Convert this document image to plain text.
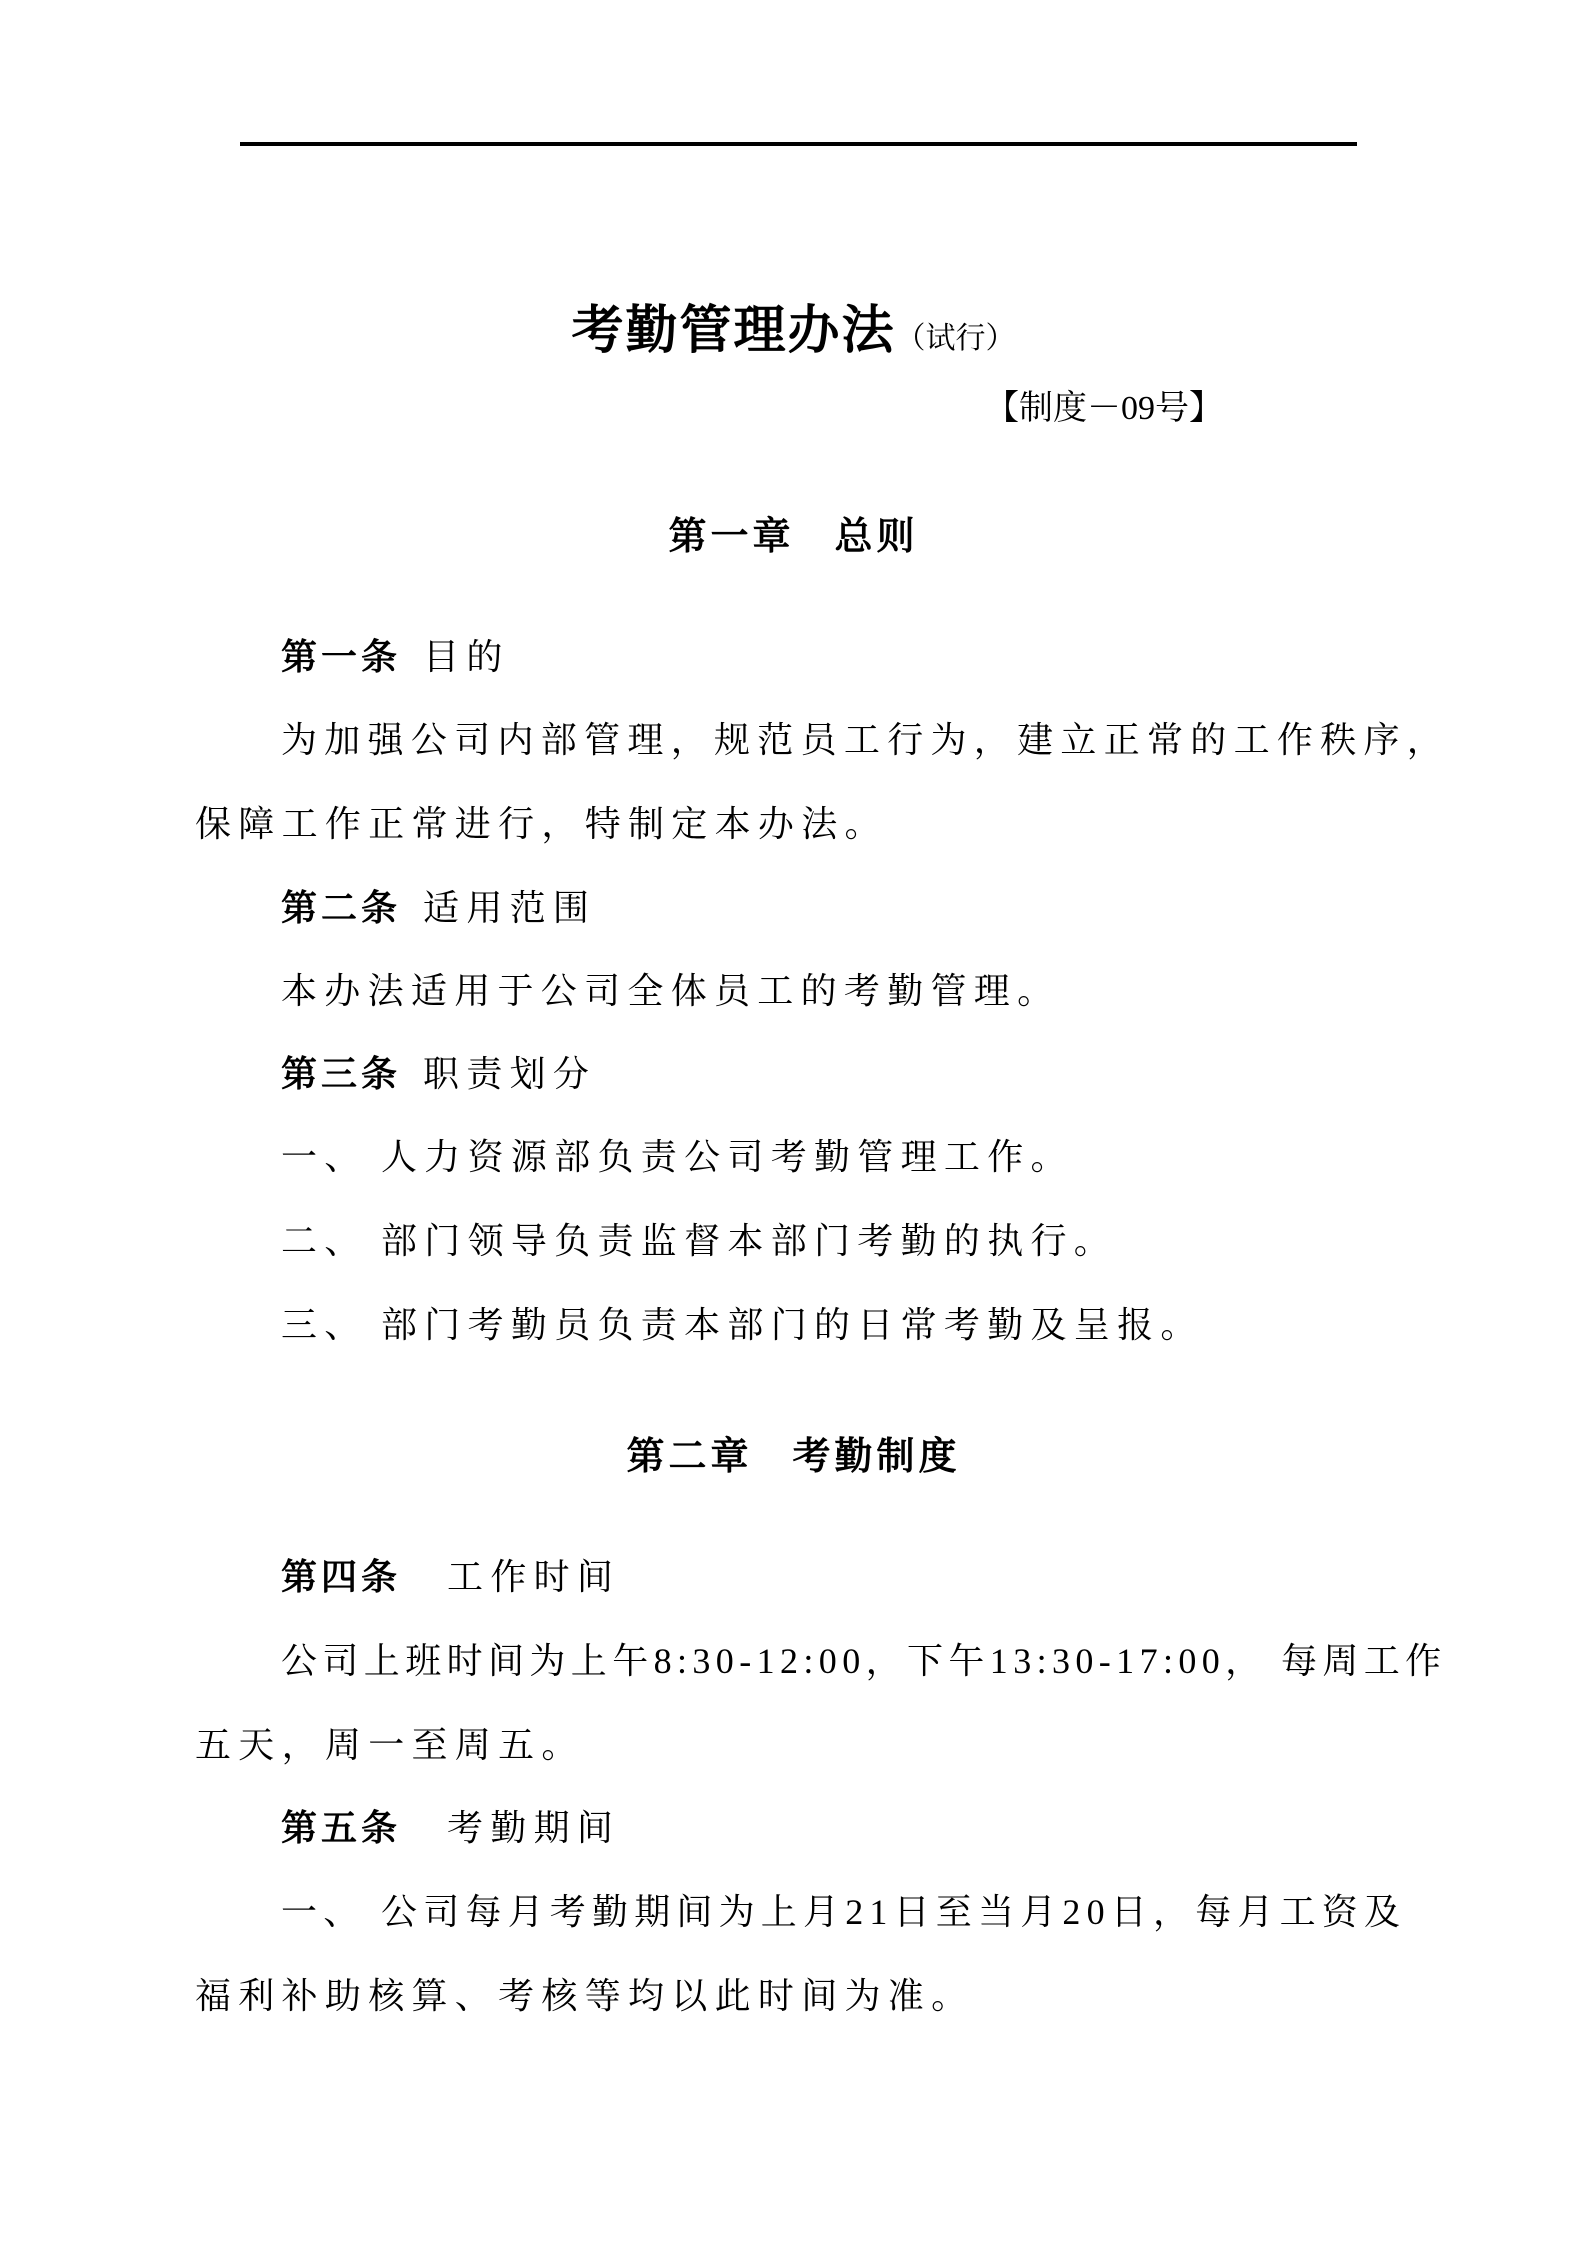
考勤管理办法（试行）
【制度－09号】
第一章 总则
第一条 目的
为加强公司内部管理，规范员工行为，建立正常的工作秩序，
保障工作正常进行，特制定本办法。
第二条 适用范围
本办法适用于公司全体员工的考勤管理。
第三条 职责划分
一、 人力资源部负责公司考勤管理工作。
二、 部门领导负责监督本部门考勤的执行。
三、 部门考勤员负责本部门的日常考勤及呈报。
第二章 考勤制度
第四条 工作时间
公司上班时间为上午8:30-12:00，下午13:30-17:00， 每周工作
五天，周一至周五。
第五条 考勤期间
一、 公司每月考勤期间为上月21日至当月20日，每月工资及
福利补助核算、考核等均以此时间为准。
